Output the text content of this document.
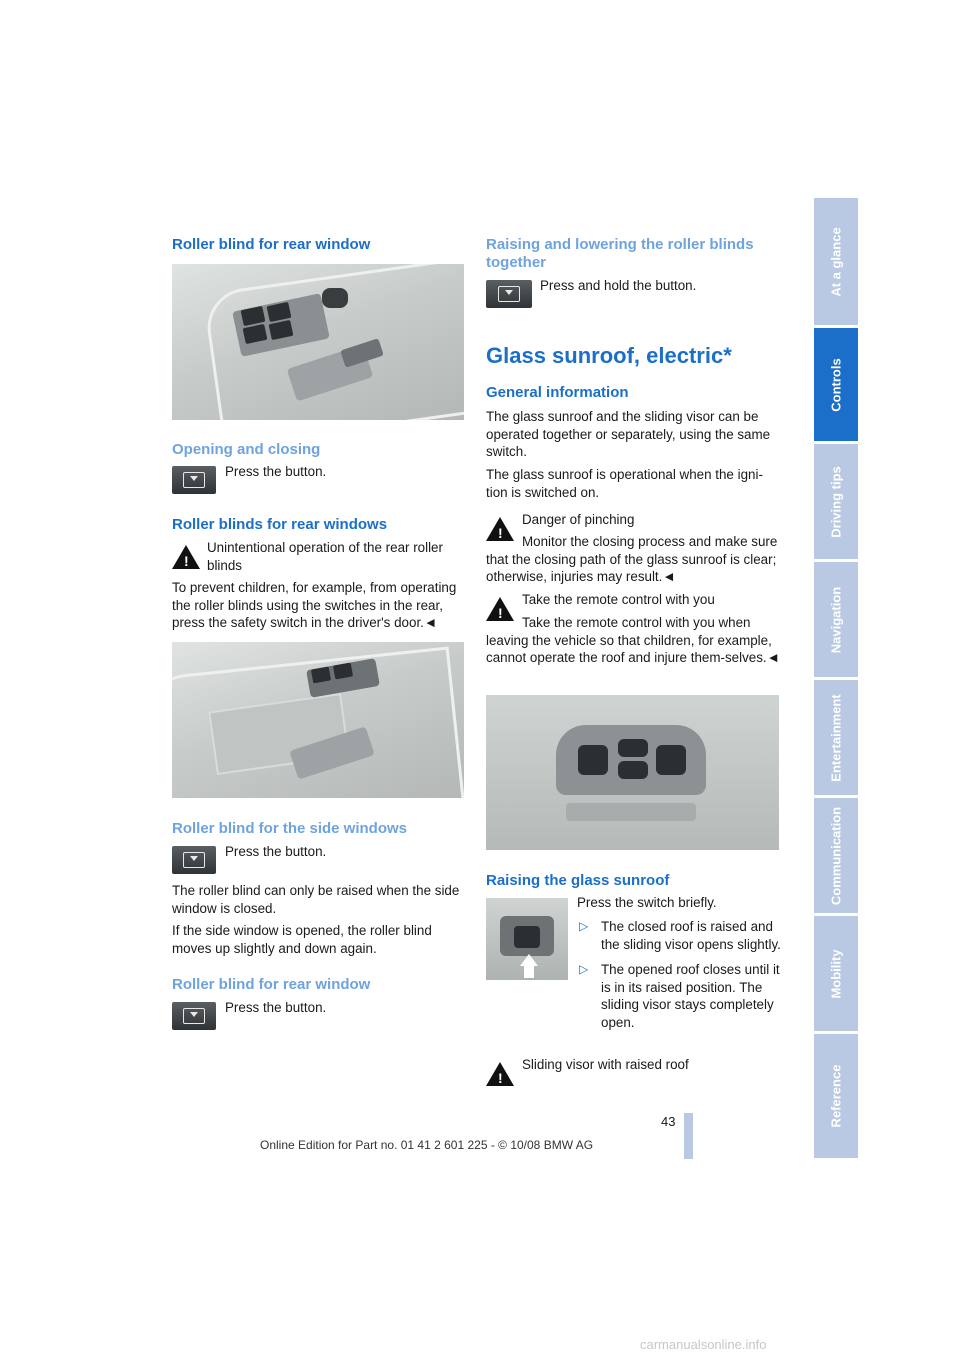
At a glance
Controls
Driving tips
Navigation
Entertainment
Communication
Mobility
Reference
Roller blind for rear window
Opening and closing
Press the button.
Roller blinds for rear windows
!
Unintentional operation of the rear roller blinds
To prevent children, for example, from operating the roller blinds using the switches in the rear, press the safety switch in the driver's door.◄
Roller blind for the side windows
Press the button.
The roller blind can only be raised when the side window is closed.
If the side window is opened, the roller blind moves up slightly and down again.
Roller blind for rear window
Press the button.
Raising and lowering the roller blinds together
Press and hold the button.
Glass sunroof, electric*
General information
The glass sunroof and the sliding visor can be operated together or separately, using the same switch.
The glass sunroof is operational when the igni-tion is switched on.
!
Danger of pinching
Monitor the closing process and make sure that the closing path of the glass sunroof is clear; otherwise, injuries may result.◄
!
Take the remote control with you
Take the remote control with you when leaving the vehicle so that children, for example, cannot operate the roof and injure them-selves.◄
Raising the glass sunroof
Press the switch briefly.
▷ The closed roof is raised and the sliding visor opens slightly.
▷ The opened roof closes until it is in its raised position. The sliding visor stays completely open.
!
Sliding visor with raised roof
43
Online Edition for Part no. 01 41 2 601 225 - © 10/08 BMW AG
carmanualsonline.info
